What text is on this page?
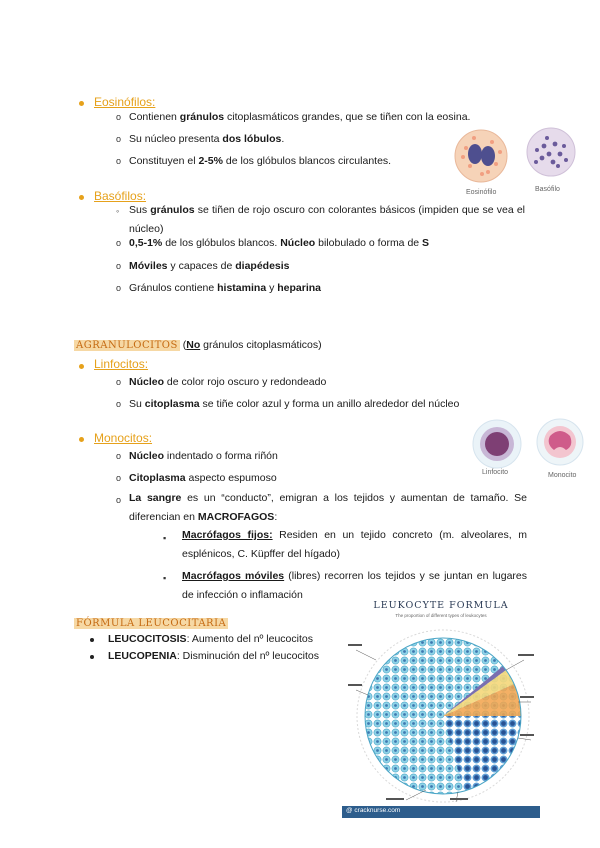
Eosinófilos:
o Contienen gránulos citoplasmáticos grandes, que se tiñen con la eosina.
o Su núcleo presenta dos lóbulos.
o Constituyen el 2-5% de los glóbulos blancos circulantes.
Eosinófilo	Basófilo
Basófilos:
◦ Sus gránulos se tiñen de rojo oscuro con colorantes básicos (impiden que se vea el núcleo)
o 0,5-1% de los glóbulos blancos. Núcleo bilobulado o forma de S
o Móviles y capaces de diapédesis
o Gránulos contiene histamina y heparina
AGRANULOCITOS (No gránulos citoplasmáticos)
Linfocitos:
o Núcleo de color rojo oscuro y redondeado
o Su citoplasma se tiñe color azul y forma un anillo alrededor del núcleo
Monocitos:
Linfocito	Monocito
o Núcleo indentado o forma riñón
o Citoplasma aspecto espumoso
o La sangre es un “conducto”, emigran a los tejidos y aumentan de tamaño. Se diferencian en MACROFAGOS:
▪ Macrófagos fijos: Residen en un tejido concreto (m. alveolares, m esplénicos, C. Küpffer del hígado)
▪ Macrófagos móviles (libres) recorren los tejidos y se juntan en lugares de infección o inflamación
FÓRMULA LEUCOCITARIA
LEUCOCITOSIS: Aumento del nº leucocitos
LEUCOPENIA: Disminución del nº leucocitos
LEUKOCYTE FORMULA
The proportion of different types of leukocytes
@ cracknurse.com
